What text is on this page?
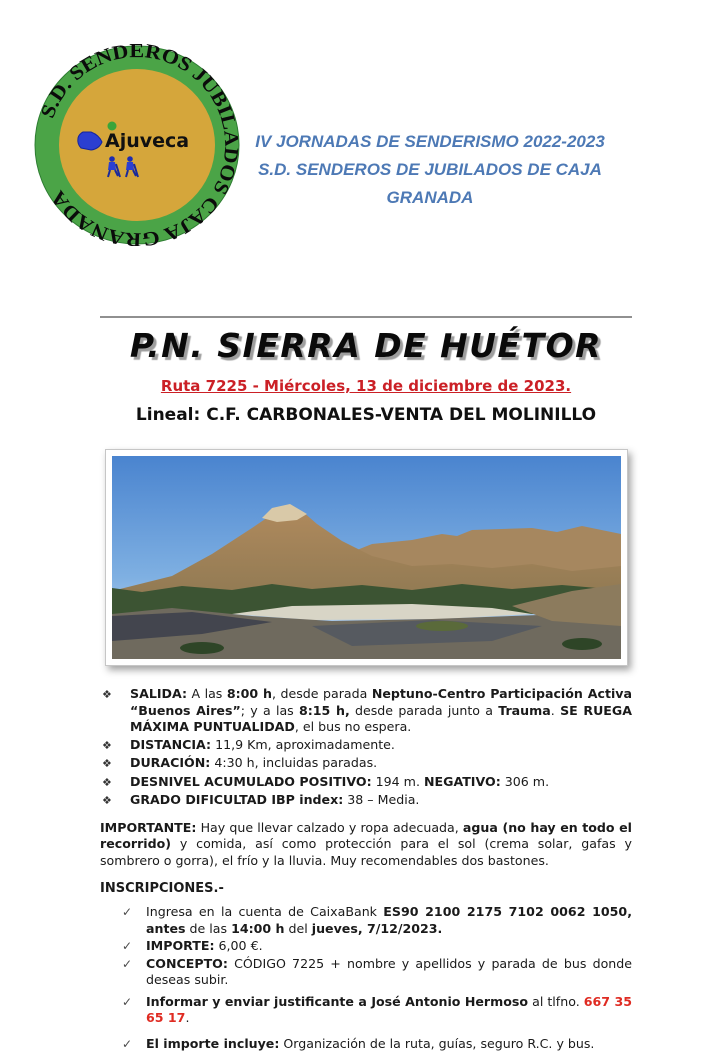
S.D. SENDEROS JUBILADOS CAJA GRANADA
Ajuveca	IV JORNADAS DE SENDERISMO 2022-2023
S.D. SENDEROS DE JUBILADOS DE CAJA
GRANADA
P.N. SIERRA DE HUÉTOR
Ruta 7225 - Miércoles, 13 de diciembre de 2023.
Lineal: C.F. CARBONALES-VENTA DEL MOLINILLO
❖	SALIDA: A las 8:00 h, desde parada Neptuno-Centro Participación Activa “Buenos Aires”; y a las 8:15 h, desde parada junto a Trauma. SE RUEGA MÁXIMA PUNTUALIDAD, el bus no espera.
❖	DISTANCIA: 11,9 Km, aproximadamente.
❖	DURACIÓN: 4:30 h, incluidas paradas.
❖	DESNIVEL ACUMULADO POSITIVO: 194 m. NEGATIVO: 306 m.
❖	GRADO DIFICULTAD IBP index: 38 – Media.
IMPORTANTE: Hay que llevar calzado y ropa adecuada, agua (no hay en todo el recorrido) y comida, así como protección para el sol (crema solar, gafas y sombrero o gorra), el frío y la lluvia. Muy recomendables dos bastones.
INSCRIPCIONES.-
✓	Ingresa en la cuenta de CaixaBank ES90 2100 2175 7102 0062 1050, antes de las 14:00 h del jueves, 7/12/2023.
✓	IMPORTE: 6,00 €.
✓	CONCEPTO: CÓDIGO 7225 + nombre y apellidos y parada de bus donde deseas subir.
✓	Informar y enviar justificante a José Antonio Hermoso al tlfno. 667 35 65 17.
✓	El importe incluye: Organización de la ruta, guías, seguro R.C. y bus.
